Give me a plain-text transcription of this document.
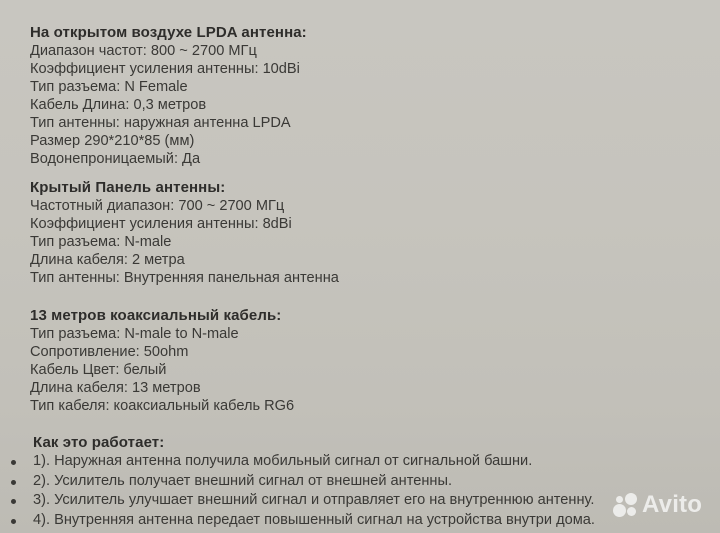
На открытом воздухе LPDA антенна:
Диапазон частот: 800 ~ 2700 МГц
Коэффициент усиления антенны: 10dBi
Тип разъема: N Female
Кабель Длина: 0,3 метров
Тип антенны: наружная антенна LPDA
Размер 290*210*85 (мм)
Водонепроницаемый: Да
Крытый Панель антенны:
Частотный диапазон: 700 ~ 2700 МГц
Коэффициент усиления антенны: 8dBi
Тип разъема: N-male
Длина кабеля: 2 метра
Тип антенны: Внутренняя панельная антенна
13 метров коаксиальный кабель:
Тип разъема: N-male to N-male
Сопротивление: 50ohm
Кабель Цвет: белый
Длина кабеля: 13 метров
Тип кабеля: коаксиальный кабель RG6
Как это работает:
1). Наружная антенна получила мобильный сигнал от сигнальной башни.
2). Усилитель получает внешний сигнал от внешней антенны.
3). Усилитель улучшает внешний сигнал и отправляет его на внутреннюю антенну.
4). Внутренняя антенна передает повышенный сигнал на устройства внутри дома.
Avito
